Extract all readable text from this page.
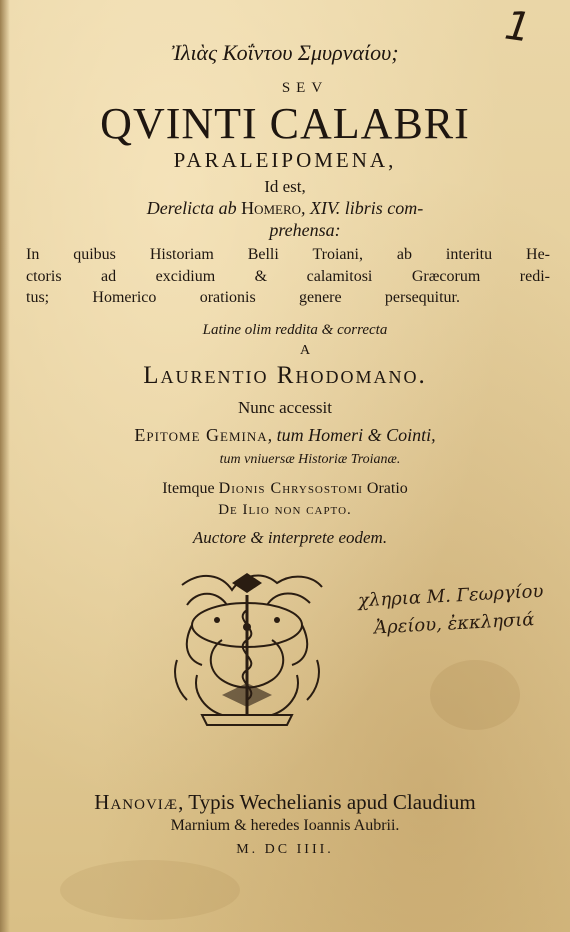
1
Ἰλιὰς Κοΐντου Σμυρναίου;
SEV
QVINTI CALABRI
PARALEIPOMENA,
Id est,
Derelicta ab Homero, XIV. libris com-
prehensa:
In quibus Historiam Belli Troiani, ab interitu He-
ctoris ad excidium & calamitosi Græcorum redi-
tus; Homerico orationis genere persequitur.
Latine olim reddita & correcta
A
Laurentio Rhodomano.
Nunc accessit
Epitome Gemina, tum Homeri & Cointi,
tum vniuersæ Historiæ Troianæ.
Itemque Dionis Chrysostomi Oratio
De Ilio non capto.
Auctore & interprete eodem.
χληρια M. Γεωργίου
Ἀρείου, ἐκκλησιά
Hanoviæ, Typis Wechelianis apud Claudium
Marnium & heredes Ioannis Aubrii.
M. DC IIII.
